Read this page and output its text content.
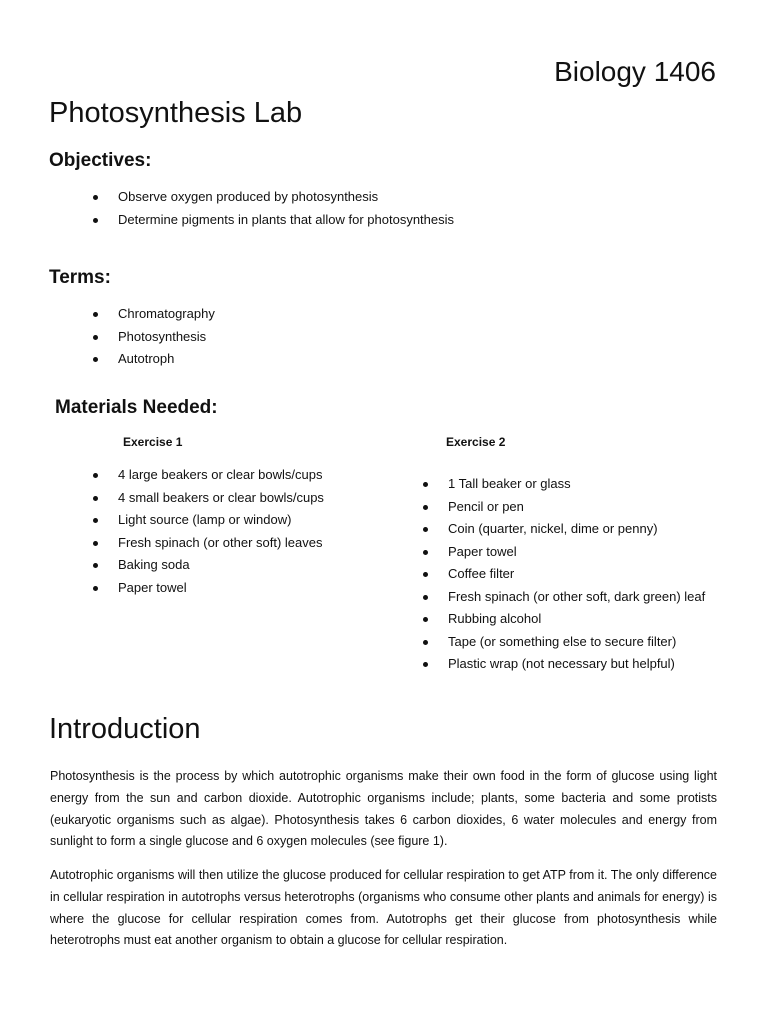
Biology 1406
Photosynthesis Lab
Objectives:
Observe oxygen produced by photosynthesis
Determine pigments in plants that allow for photosynthesis
Terms:
Chromatography
Photosynthesis
Autotroph
Materials Needed:
Exercise 1
4 large beakers or clear bowls/cups
4 small beakers or clear bowls/cups
Light source (lamp or window)
Fresh spinach (or other soft) leaves
Baking soda
Paper towel
Exercise 2
1 Tall beaker or glass
Pencil or pen
Coin (quarter, nickel, dime or penny)
Paper towel
Coffee filter
Fresh spinach (or other soft, dark green) leaf
Rubbing alcohol
Tape (or something else to secure filter)
Plastic wrap (not necessary but helpful)
Introduction

Photosynthesis is the process by which autotrophic organisms make their own food in the form of glucose using light energy from the sun and carbon dioxide. Autotrophic organisms include; plants, some bacteria and some protists (eukaryotic organisms such as algae). Photosynthesis takes 6 carbon dioxides, 6 water molecules and energy from sunlight to form a single glucose and 6 oxygen molecules (see figure 1).

Autotrophic organisms will then utilize the glucose produced for cellular respiration to get ATP from it. The only difference in cellular respiration in autotrophs versus heterotrophs (organisms who consume other plants and animals for energy) is where the glucose for cellular respiration comes from. Autotrophs get their glucose from photosynthesis while heterotrophs must eat another organism to obtain a glucose for cellular respiration.
